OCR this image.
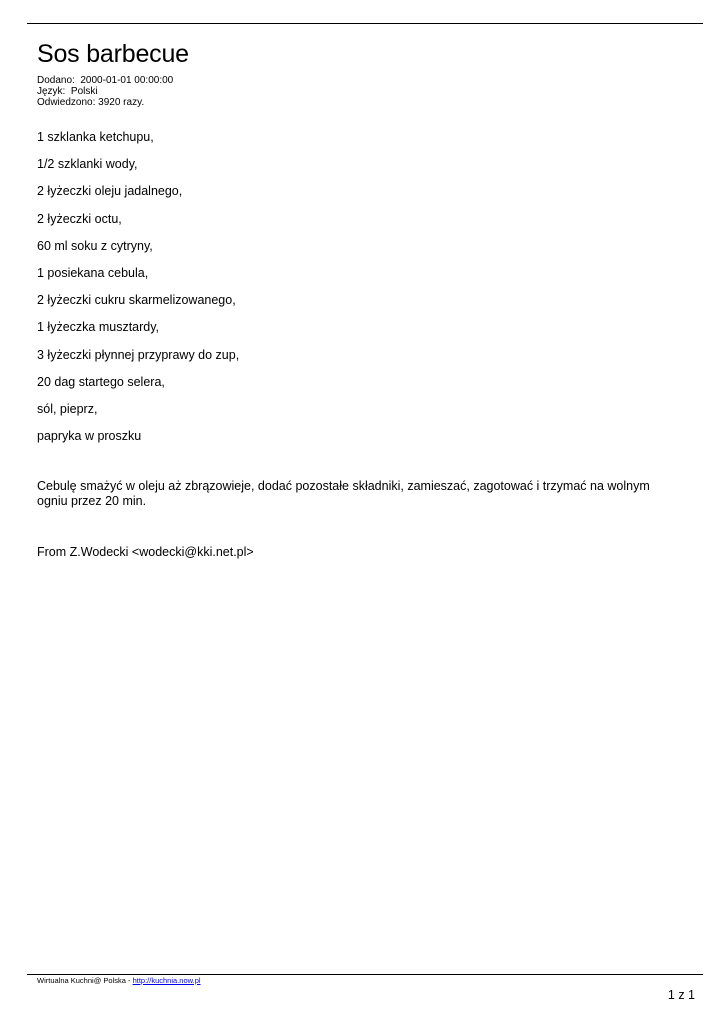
Sos barbecue
Dodano: 2000-01-01 00:00:00
Język: Polski
Odwiedzono: 3920 razy.
1 szklanka ketchupu,
1/2 szklanki wody,
2 łyżeczki oleju jadalnego,
2 łyżeczki octu,
60 ml soku z cytryny,
1 posiekana cebula,
2 łyżeczki cukru skarmelizowanego,
1 łyżeczka musztardy,
3 łyżeczki płynnej przyprawy do zup,
20 dag startego selera,
sól, pieprz,
papryka w proszku

Cebulę smażyć w oleju aż zbrązowieje, dodać pozostałe składniki, zamieszać, zagotować i trzymać na wolnym ogniu przez 20 min.

From Z.Wodecki <wodecki@kki.net.pl>

Wirtualna Kuchni@ Polska - http://kuchnia.now.pl
1 z 1
